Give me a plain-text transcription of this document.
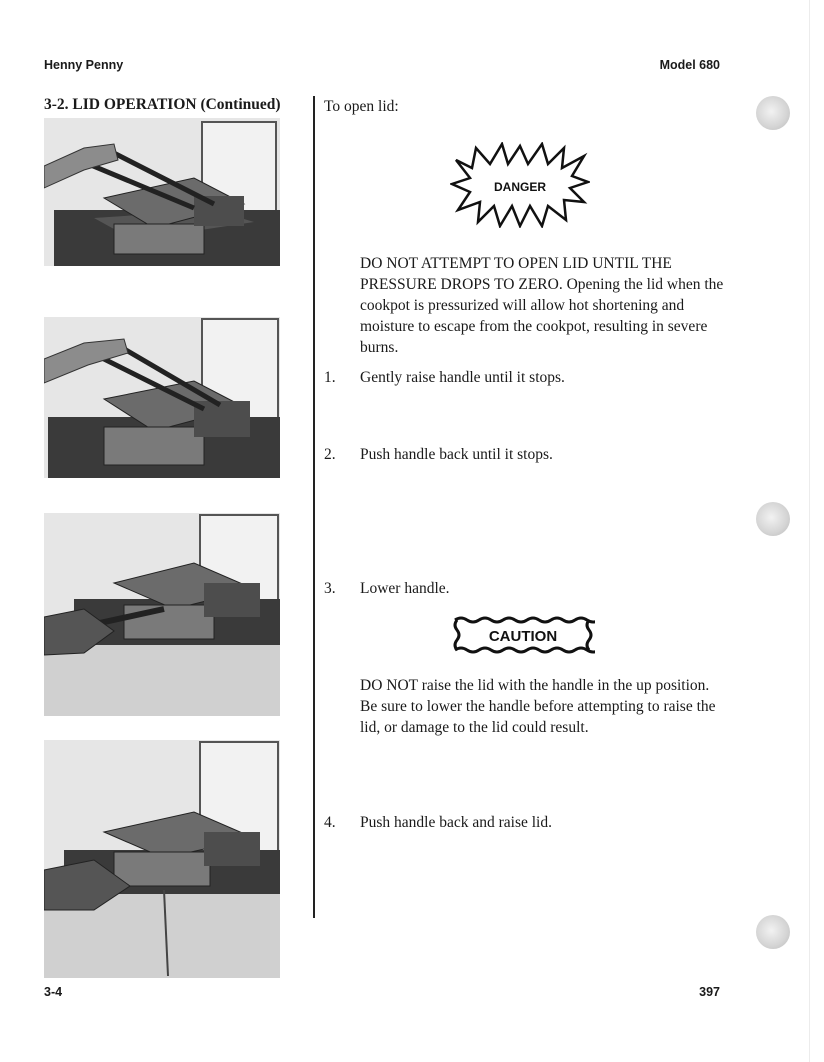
Henny Penny	Model 680
3-2. LID OPERATION (Continued)	To open lid:
DANGER
DO NOT ATTEMPT TO OPEN LID UNTIL THE PRESSURE DROPS TO ZERO. Opening the lid when the cookpot is pressurized will allow hot shortening and moisture to escape from the cookpot, resulting in severe burns.
1. Gently raise handle until it stops.
2. Push handle back until it stops.
3. Lower handle.
CAUTION
DO NOT raise the lid with the handle in the up position. Be sure to lower the handle before attempting to raise the lid, or damage to the lid could result.
4. Push handle back and raise lid.
3-4	397
